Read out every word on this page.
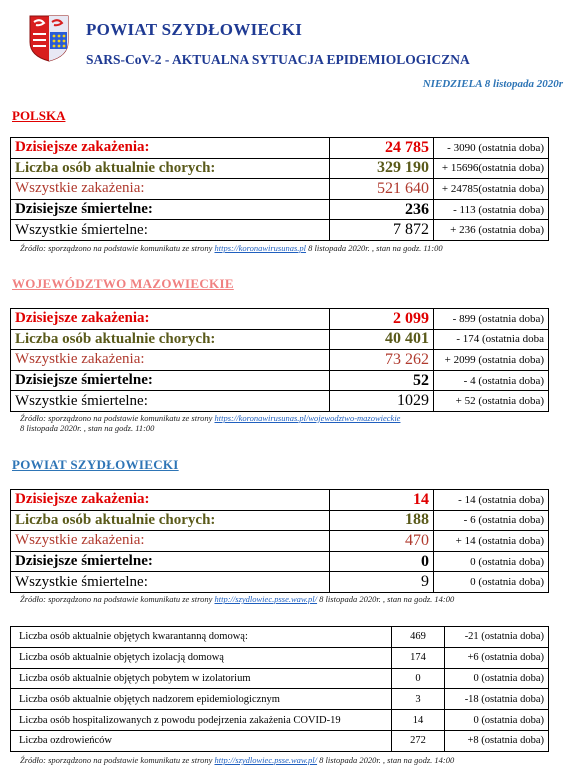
POWIAT SZYDŁOWIECKI
SARS-CoV-2 - AKTUALNA SYTUACJA EPIDEMIOLOGICZNA
NIEDZIELA 8 listopada 2020r
POLSKA
Dzisiejsze zakażenia:	24 785	- 3090 (ostatnia doba)
Liczba osób aktualnie chorych:	329 190	+ 15696(ostatnia doba)
Wszystkie zakażenia:	521 640	+ 24785(ostatnia doba)
Dzisiejsze śmiertelne:	236	- 113 (ostatnia doba)
Wszystkie śmiertelne:	7 872	+ 236 (ostatnia doba)
Źródło: sporządzono na podstawie komunikatu ze strony https://koronawirusunas.pl 8 listopada 2020r. , stan na godz. 11:00
WOJEWÓDZTWO MAZOWIECKIE
Dzisiejsze zakażenia:	2 099	- 899 (ostatnia doba)
Liczba osób aktualnie chorych:	40 401	- 174 (ostatnia doba
Wszystkie zakażenia:	73 262	+ 2099 (ostatnia doba)
Dzisiejsze śmiertelne:	52	- 4 (ostatnia doba)
Wszystkie śmiertelne:	1029	+ 52 (ostatnia doba)
Źródło: sporządzono na podstawie komunikatu ze strony https://koronawirusunas.pl/wojewodztwo-mazowieckie
8 listopada 2020r. , stan na godz. 11:00
POWIAT SZYDŁOWIECKI
Dzisiejsze zakażenia:	14	- 14 (ostatnia doba)
Liczba osób aktualnie chorych:	188	- 6 (ostatnia doba)
Wszystkie zakażenia:	470	+ 14 (ostatnia doba)
Dzisiejsze śmiertelne:	0	0 (ostatnia doba)
Wszystkie śmiertelne:	9	0 (ostatnia doba)
Źródło: sporządzono na podstawie komunikatu ze strony http://szydlowiec.psse.waw.pl/ 8 listopada 2020r. , stan na godz. 14:00
Liczba osób aktualnie objętych kwarantanną domową:	469	-21 (ostatnia doba)
Liczba osób aktualnie objętych izolacją domową	174	+6 (ostatnia doba)
Liczba osób aktualnie objętych pobytem w izolatorium	0	0 (ostatnia doba)
Liczba osób aktualnie objętych nadzorem epidemiologicznym	3	-18 (ostatnia doba)
Liczba osób hospitalizowanych z powodu podejrzenia zakażenia COVID-19	14	0 (ostatnia doba)
Liczba ozdrowieńców	272	+8 (ostatnia doba)
Źródło: sporządzono na podstawie komunikatu ze strony http://szydlowiec.psse.waw.pl/ 8 listopada 2020r. , stan na godz. 14:00
